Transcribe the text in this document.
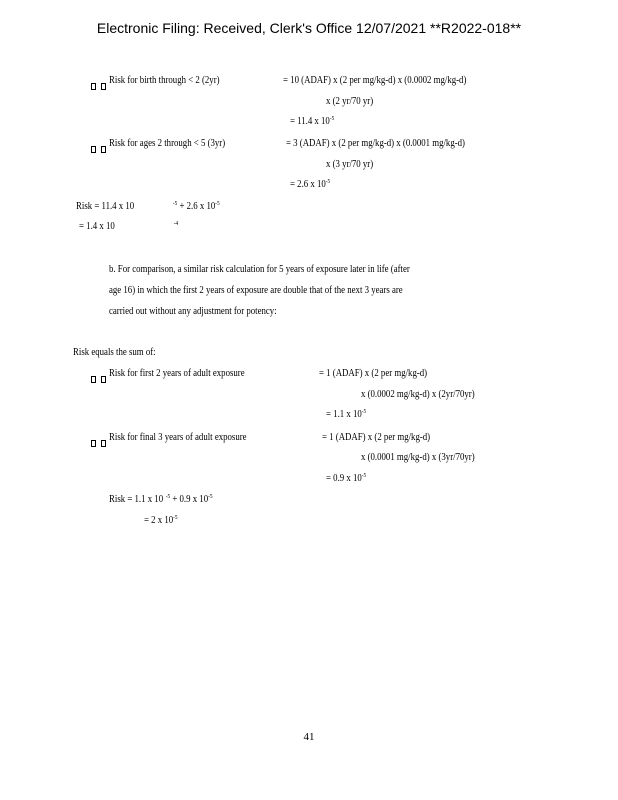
Electronic Filing: Received, Clerk's Office 12/07/2021 **R2022-018**

Risk for birth through < 2 (2yr)	= 10 (ADAF) x (2 per mg/kg-d) x (0.0002 mg/kg-d)
x (2 yr/70 yr)
= 11.4 x $10^{-5}$

Risk for ages 2 through < 5 (3yr)	= 3 (ADAF) x (2 per mg/kg-d) x (0.0001 mg/kg-d)
x (3 yr/70 yr)
= 2.6 x $10^{-5}$
Risk = 11.4 x 10	$^{-5}$ + 2.6 x $10^{-5}$
= 1.4 x 10	$^{-4}$
b. For comparison, a similar risk calculation for 5 years of exposure later in life (after
age 16) in which the first 2 years of exposure are double that of the next 3 years are
carried out without any adjustment for potency:
Risk equals the sum of:

Risk for first 2 years of adult exposure	= 1 (ADAF) x (2 per mg/kg-d)
x (0.0002 mg/kg-d) x (2yr/70yr)
= 1.1 x $10^{-5}$

Risk for final 3 years of adult exposure	= 1 (ADAF) x (2 per mg/kg-d)
x (0.0001 mg/kg-d) x (3yr/70yr)
= 0.9 x $10^{-5}$
Risk = 1.1 x 10 $^{-5}$ + 0.9 x $10^{-5}$
= 2 x $10^{-5}$
41
